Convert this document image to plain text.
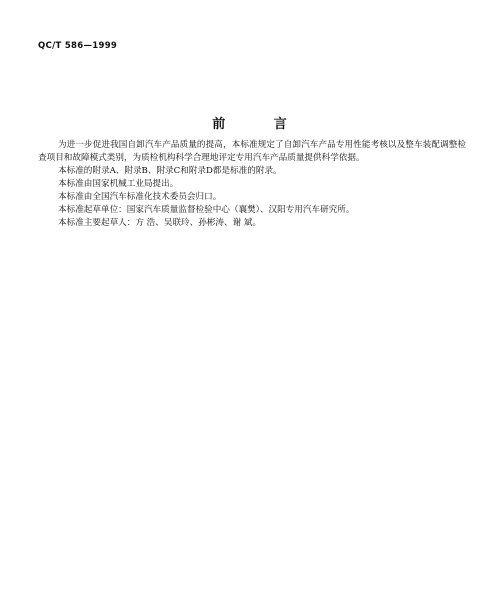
QC/T 586—1999
前 言

为进一步促进我国自卸汽车产品质量的提高，本标准规定了自卸汽车产品专用性能考核以及整车装配调整检查项目和故障模式类别，为质检机构科学合理地评定专用汽车产品质量提供科学依据。

本标准的附录A、附录B、附录C和附录D都是标准的附录。

本标准由国家机械工业局提出。

本标准由全国汽车标准化技术委员会归口。

本标准起草单位：国家汽车质量监督检验中心（襄樊）、汉阳专用汽车研究所。

本标准主要起草人：方 浩、吴联玲、孙彬涛、谢 斌。
